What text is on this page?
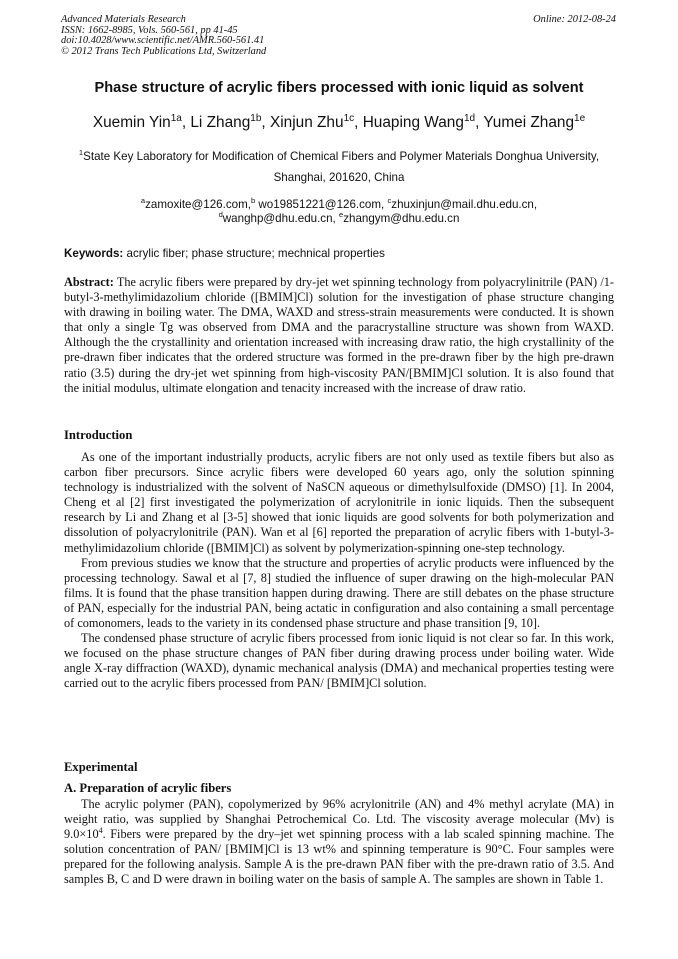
Advanced Materials Research
ISSN: 1662-8985, Vols. 560-561, pp 41-45
doi:10.4028/www.scientific.net/AMR.560-561.41
© 2012 Trans Tech Publications Ltd, Switzerland
Online: 2012-08-24
Phase structure of acrylic fibers processed with ionic liquid as solvent
Xuemin Yin$^{1a}$, Li Zhang$^{1b}$, Xinjun Zhu$^{1c}$, Huaping Wang$^{1d}$, Yumei Zhang$^{1e}$
$^1$State Key Laboratory for Modification of Chemical Fibers and Polymer Materials Donghua University, Shanghai, 201620, China
$^a$zamoxite@126.com,$^b$ wo19851221@126.com, $^c$zhuxinjun@mail.dhu.edu.cn,
$^d$wanghp@dhu.edu.cn, $^e$zhangym@dhu.edu.cn
Keywords: acrylic fiber; phase structure; mechnical properties

Abstract: The acrylic fibers were prepared by dry-jet wet spinning technology from polyacrylinitrile (PAN) /1-butyl-3-methylimidazolium chloride ([BMIM]Cl) solution for the investigation of phase structure changing with drawing in boiling water. The DMA, WAXD and stress-strain measurements were conducted. It is shown that only a single Tg was observed from DMA and the paracrystalline structure was shown from WAXD. Although the the crystallinity and orientation increased with increasing draw ratio, the high crystallinity of the pre-drawn fiber indicates that the ordered structure was formed in the pre-drawn fiber by the high pre-drawn ratio (3.5) during the dry-jet wet spinning from high-viscosity PAN/[BMIM]Cl solution. It is also found that the initial modulus, ultimate elongation and tenacity increased with the increase of draw ratio.

Introduction

As one of the important industrially products, acrylic fibers are not only used as textile fibers but also as carbon fiber precursors. Since acrylic fibers were developed 60 years ago, only the solution spinning technology is industrialized with the solvent of NaSCN aqueous or dimethylsulfoxide (DMSO) [1]. In 2004, Cheng et al [2] first investigated the polymerization of acrylonitrile in ionic liquids. Then the subsequent research by Li and Zhang et al [3-5] showed that ionic liquids are good solvents for both polymerization and dissolution of polyacrylonitrile (PAN). Wan et al [6] reported the preparation of acrylic fibers with 1-butyl-3-methylimidazolium chloride ([BMIM]Cl) as solvent by polymerization-spinning one-step technology.

From previous studies we know that the structure and properties of acrylic products were influenced by the processing technology. Sawal et al [7, 8] studied the influence of super drawing on the high-molecular PAN films. It is found that the phase transition happen during drawing. There are still debates on the phase structure of PAN, especially for the industrial PAN, being actatic in configuration and also containing a small percentage of comonomers, leads to the variety in its condensed phase structure and phase transition [9, 10].

The condensed phase structure of acrylic fibers processed from ionic liquid is not clear so far. In this work, we focused on the phase structure changes of PAN fiber during drawing process under boiling water. Wide angle X-ray diffraction (WAXD), dynamic mechanical analysis (DMA) and mechanical properties testing were carried out to the acrylic fibers processed from PAN/ [BMIM]Cl solution.

Experimental
A. Preparation of acrylic fibers

The acrylic polymer (PAN), copolymerized by 96% acrylonitrile (AN) and 4% methyl acrylate (MA) in weight ratio, was supplied by Shanghai Petrochemical Co. Ltd. The viscosity average molecular (Mv) is $9.0\times 10^4$. Fibers were prepared by the dry–jet wet spinning process with a lab scaled spinning machine. The solution concentration of PAN/ [BMIM]Cl is 13 wt% and spinning temperature is 90°C. Four samples were prepared for the following analysis. Sample A is the pre-drawn PAN fiber with the pre-drawn ratio of 3.5. And samples B, C and D were drawn in boiling water on the basis of sample A. The samples are shown in Table 1.
